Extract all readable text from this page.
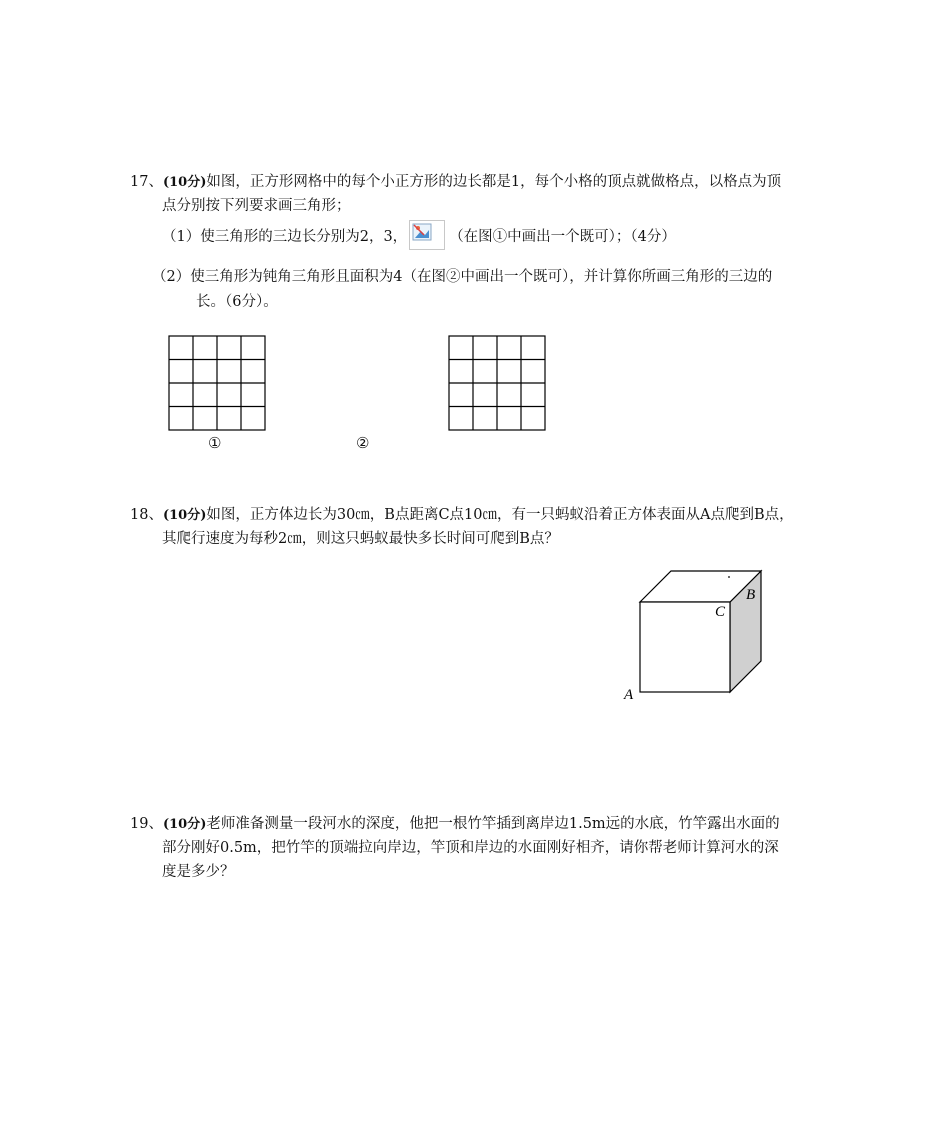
17、(10分)如图，正方形网格中的每个小正方形的边长都是1，每个小格的顶点就做格点，以格点为顶
点分别按下列要求画三角形；
（1）使三角形的三边长分别为2，3，	（在图①中画出一个既可）；（4分）
（2）使三角形为钝角三角形且面积为4（在图②中画出一个既可），并计算你所画三角形的三边的
长。（6分）。
①	②
18、(10分)如图，正方体边长为30㎝，B点距离C点10㎝，有一只蚂蚁沿着正方体表面从A点爬到B点，
其爬行速度为每秒2㎝，则这只蚂蚁最快多长时间可爬到B点？
A
C
B
19、(10分)老师准备测量一段河水的深度，他把一根竹竿插到离岸边1.5m远的水底，竹竿露出水面的
部分刚好0.5m，把竹竿的顶端拉向岸边，竿顶和岸边的水面刚好相齐，请你帮老师计算河水的深
度是多少？
